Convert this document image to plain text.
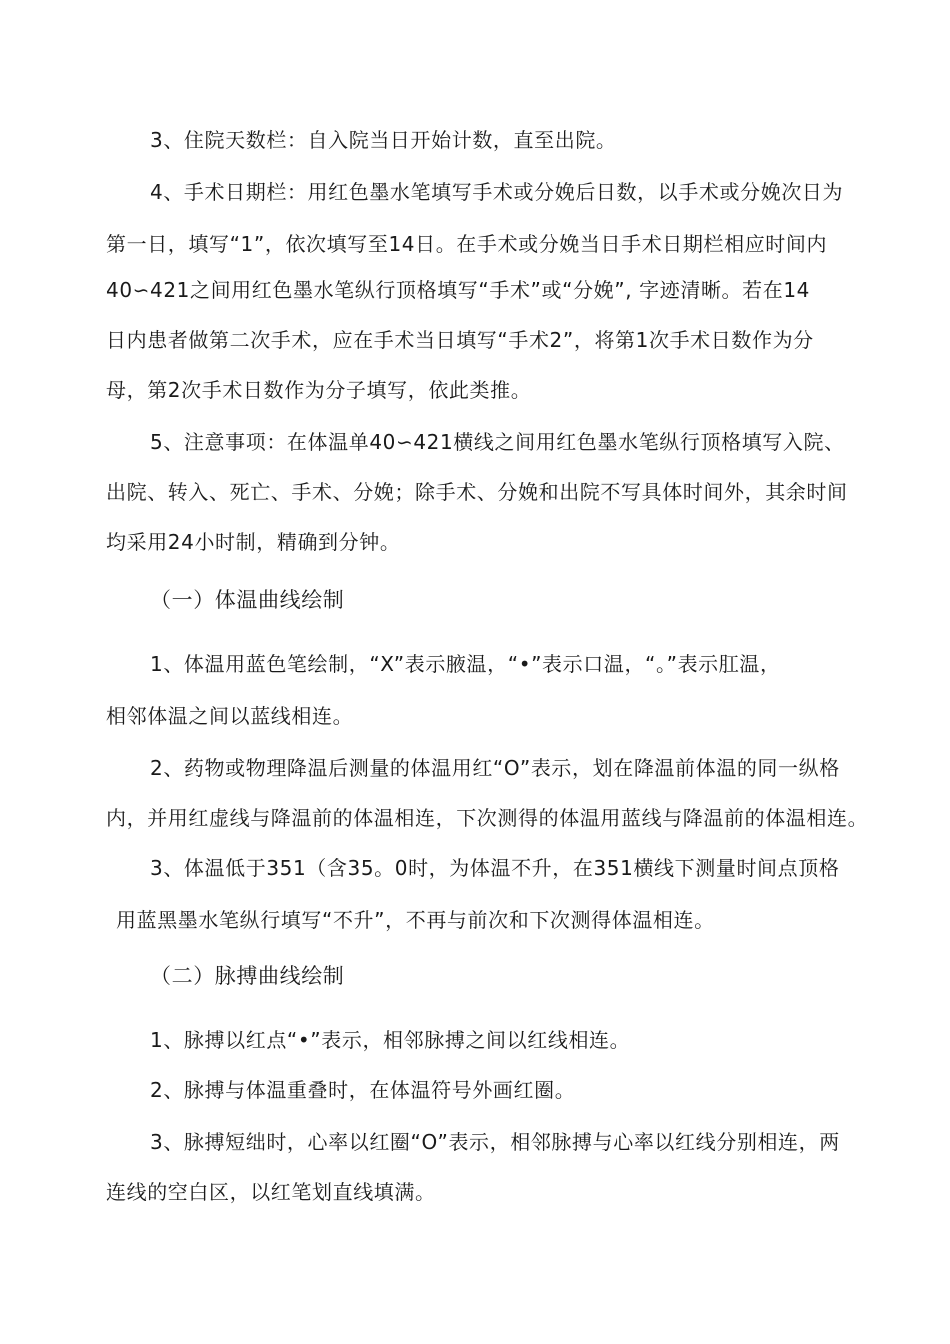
3、住院天数栏：自入院当日开始计数，直至出院。
4、手术日期栏：用红色墨水笔填写手术或分娩后日数，以手术或分娩次日为
第一日，填写“1”，依次填写至14日。在手术或分娩当日手术日期栏相应时间内
40∽421之间用红色墨水笔纵行顶格填写“手术”或“分娩”, 字迹清晰。若在14
日内患者做第二次手术，应在手术当日填写“手术2”，将第1次手术日数作为分
母，第2次手术日数作为分子填写，依此类推。
5、注意事项：在体温单40∽421横线之间用红色墨水笔纵行顶格填写入院、
出院、转入、死亡、手术、分娩；除手术、分娩和出院不写具体时间外，其余时间
均采用24小时制，精确到分钟。
（一）体温曲线绘制
1、体温用蓝色笔绘制，“X”表示腋温，“•”表示口温，“。”表示肛温，
相邻体温之间以蓝线相连。
2、药物或物理降温后测量的体温用红“O”表示，划在降温前体温的同一纵格
内，并用红虚线与降温前的体温相连，下次测得的体温用蓝线与降温前的体温相连。
3、体温低于351（含35。0时，为体温不升，在351横线下测量时间点顶格
用蓝黑墨水笔纵行填写“不升”，不再与前次和下次测得体温相连。
（二）脉搏曲线绘制
1、脉搏以红点“•”表示，相邻脉搏之间以红线相连。
2、脉搏与体温重叠时，在体温符号外画红圈。
3、脉搏短绌时，心率以红圈“O”表示，相邻脉搏与心率以红线分别相连，两
连线的空白区，以红笔划直线填满。
